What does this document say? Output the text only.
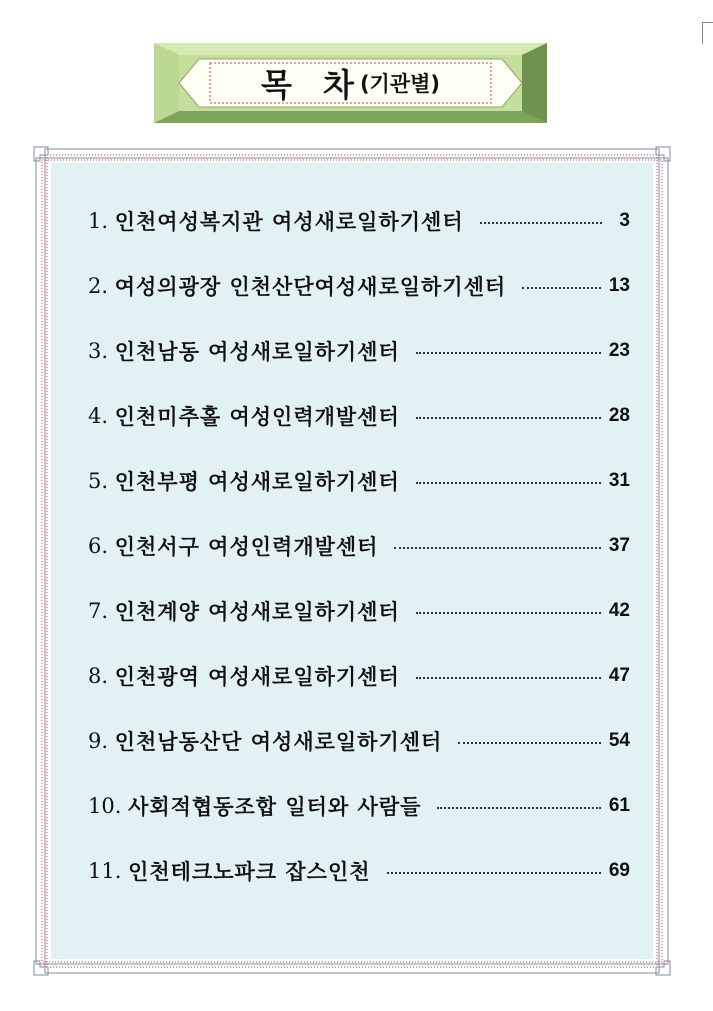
목 차
(기관별)
1. 인천여성복지관 여성새로일하기센터	3
2. 여성의광장 인천산단여성새로일하기센터	13
3. 인천남동 여성새로일하기센터	23
4. 인천미추홀 여성인력개발센터	28
5. 인천부평 여성새로일하기센터	31
6. 인천서구 여성인력개발센터	37
7. 인천계양 여성새로일하기센터	42
8. 인천광역 여성새로일하기센터	47
9. 인천남동산단 여성새로일하기센터	54
10. 사회적협동조합 일터와 사람들	61
11. 인천테크노파크 잡스인천	69
